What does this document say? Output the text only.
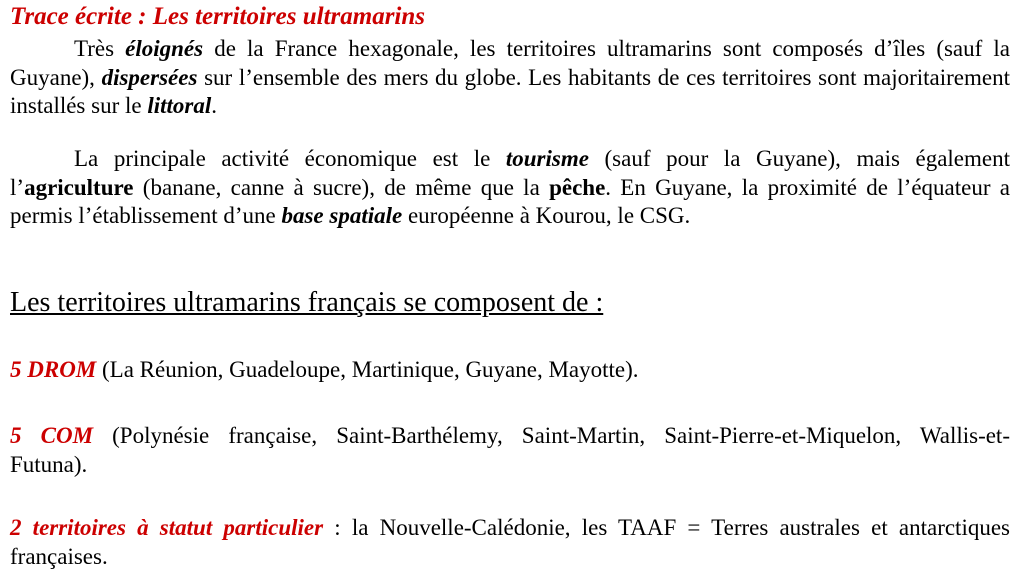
Trace écrite : Les territoires ultramarins

Très éloignés de la France hexagonale, les territoires ultramarins sont composés d’îles (sauf la Guyane), dispersées sur l’ensemble des mers du globe. Les habitants de ces territoires sont majoritairement installés sur le littoral.

La principale activité économique est le tourisme (sauf pour la Guyane), mais également l’agriculture (banane, canne à sucre), de même que la pêche. En Guyane, la proximité de l’équateur a permis l’établissement d’une base spatiale européenne à Kourou, le CSG.

Les territoires ultramarins français se composent de :

5 DROM (La Réunion, Guadeloupe, Martinique, Guyane, Mayotte).

5 COM (Polynésie française, Saint-Barthélemy, Saint-Martin, Saint-Pierre-et-Miquelon, Wallis-et-Futuna).

2 territoires à statut particulier : la Nouvelle-Calédonie, les TAAF = Terres australes et antarctiques françaises.
